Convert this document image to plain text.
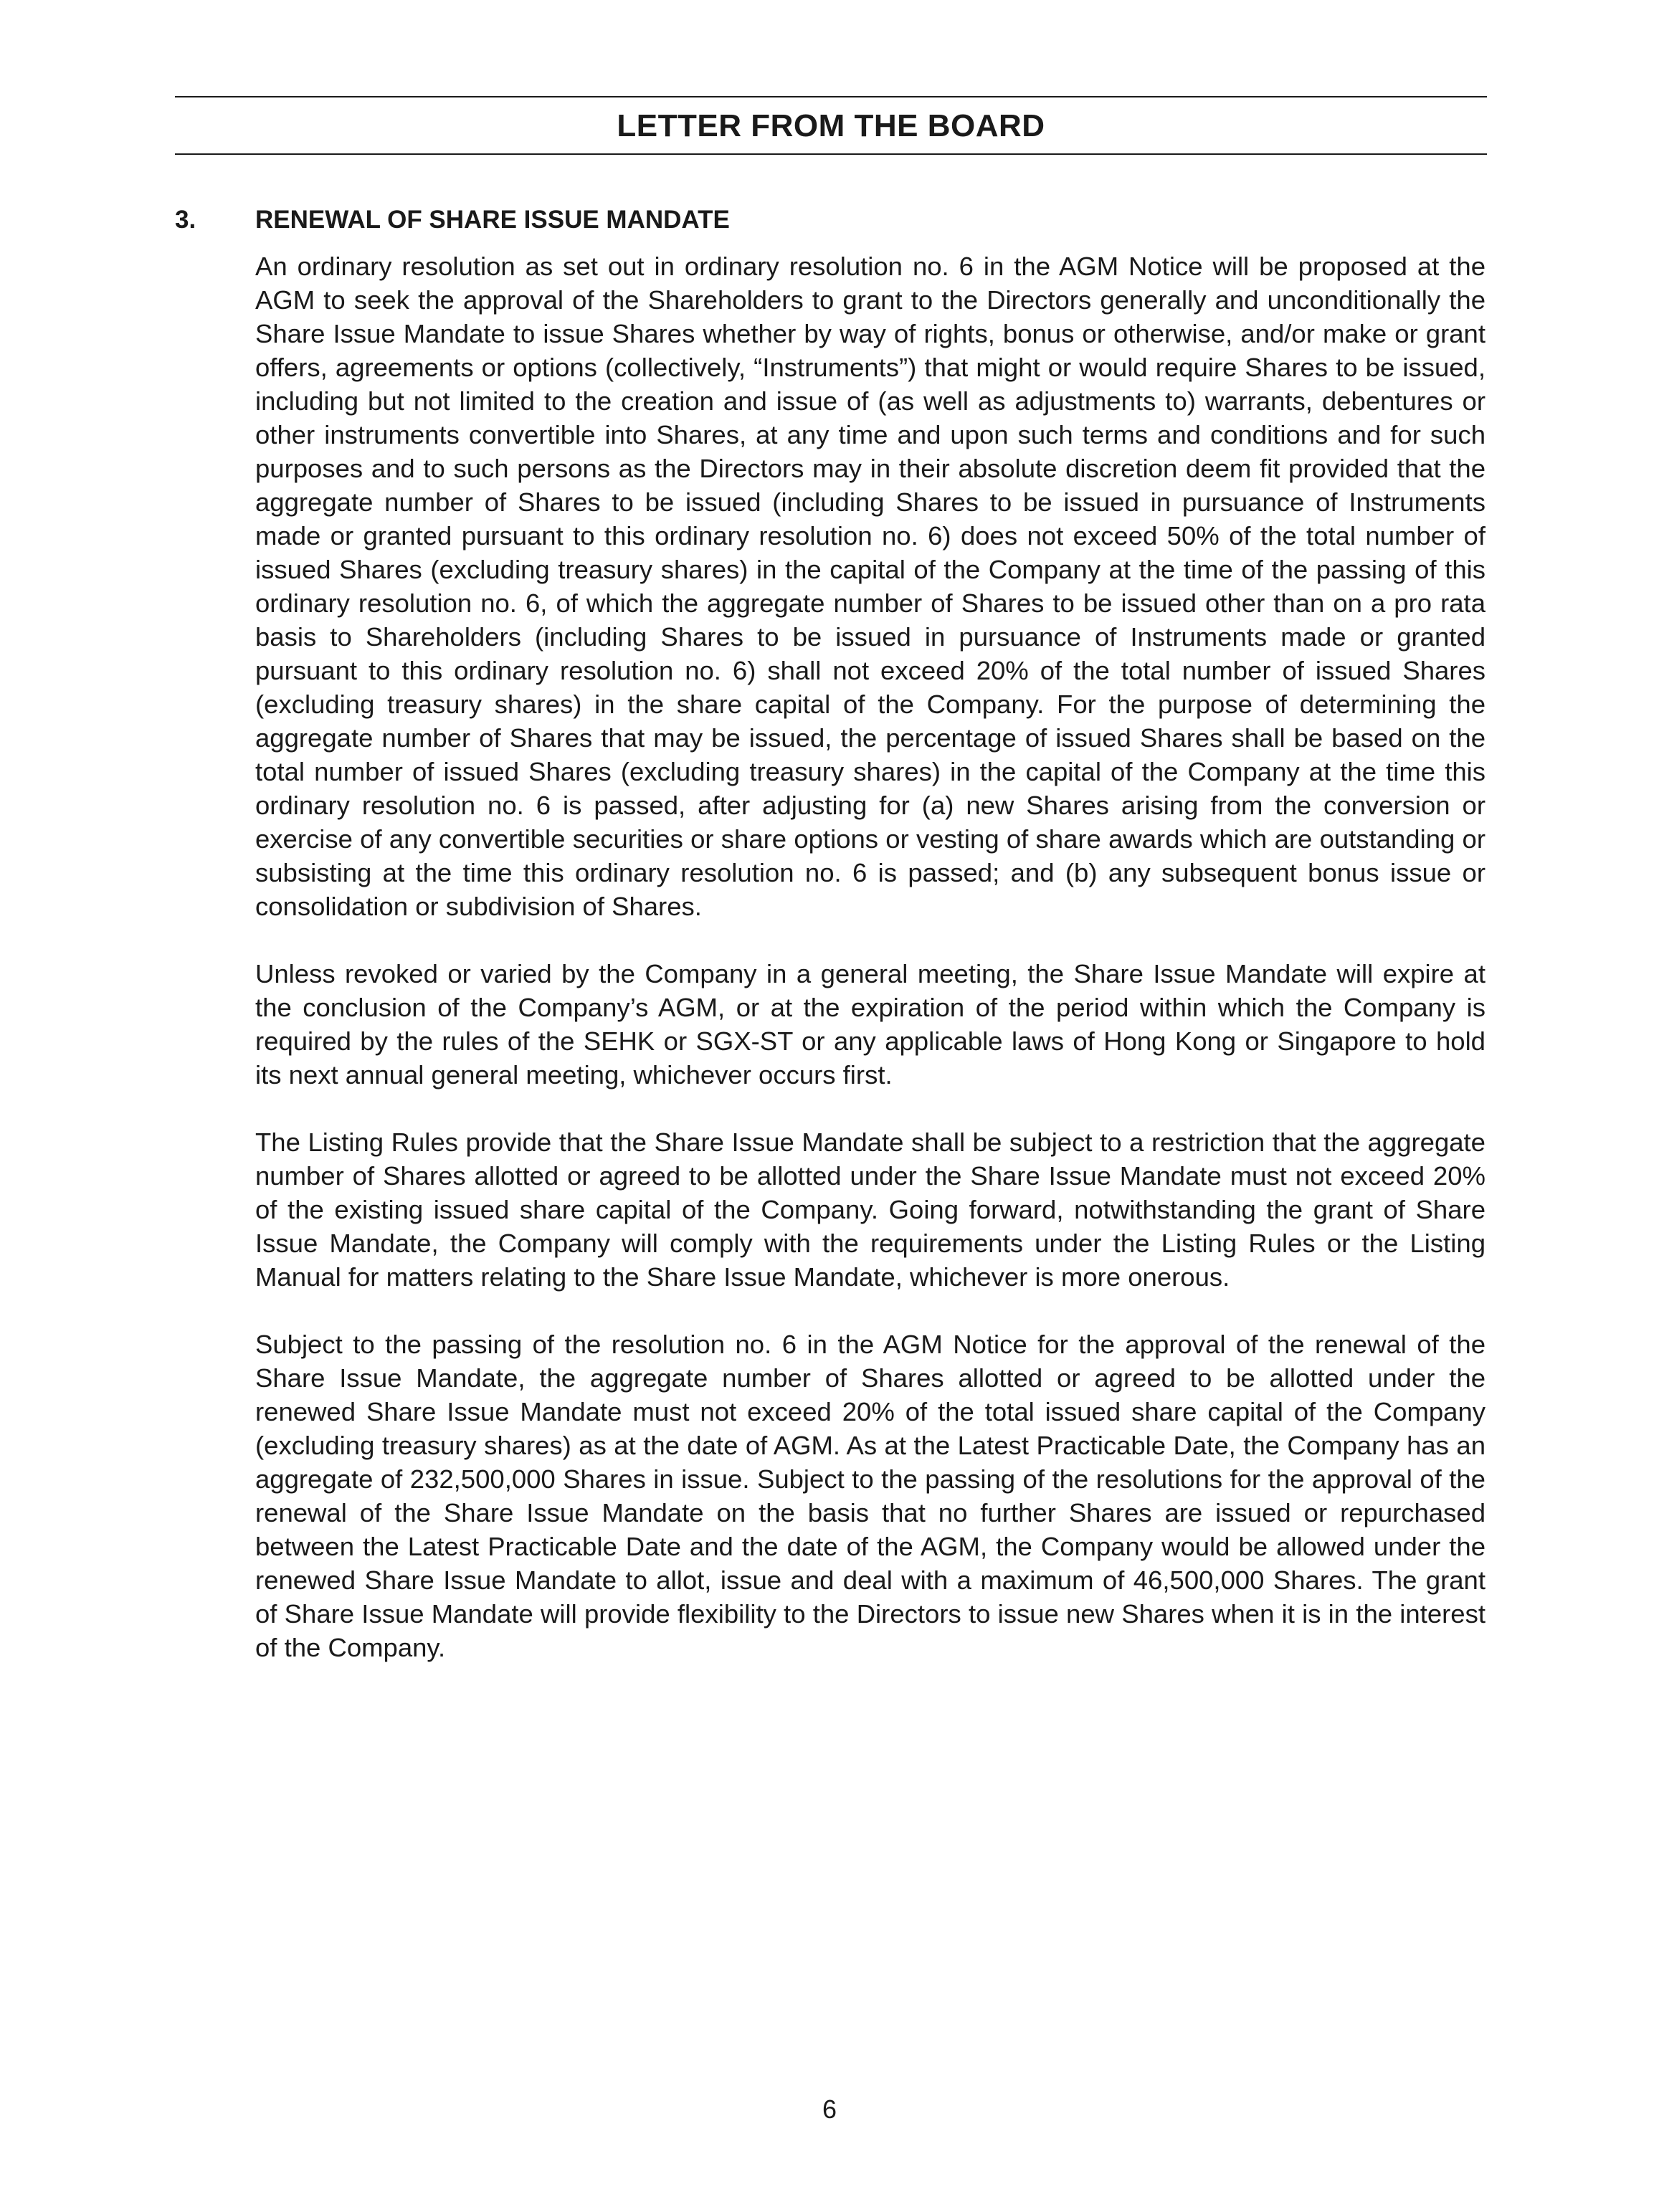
LETTER FROM THE BOARD
3. RENEWAL OF SHARE ISSUE MANDATE

An ordinary resolution as set out in ordinary resolution no. 6 in the AGM Notice will be proposed at the AGM to seek the approval of the Shareholders to grant to the Directors generally and unconditionally the Share Issue Mandate to issue Shares whether by way of rights, bonus or otherwise, and/or make or grant offers, agreements or options (collectively, “Instruments”) that might or would require Shares to be issued, including but not limited to the creation and issue of (as well as adjustments to) warrants, debentures or other instruments convertible into Shares, at any time and upon such terms and conditions and for such purposes and to such persons as the Directors may in their absolute discretion deem fit provided that the aggregate number of Shares to be issued (including Shares to be issued in pursuance of Instruments made or granted pursuant to this ordinary resolution no. 6) does not exceed 50% of the total number of issued Shares (excluding treasury shares) in the capital of the Company at the time of the passing of this ordinary resolution no. 6, of which the aggregate number of Shares to be issued other than on a pro rata basis to Shareholders (including Shares to be issued in pursuance of Instruments made or granted pursuant to this ordinary resolution no. 6) shall not exceed 20% of the total number of issued Shares (excluding treasury shares) in the share capital of the Company. For the purpose of determining the aggregate number of Shares that may be issued, the percentage of issued Shares shall be based on the total number of issued Shares (excluding treasury shares) in the capital of the Company at the time this ordinary resolution no. 6 is passed, after adjusting for (a) new Shares arising from the conversion or exercise of any convertible securities or share options or vesting of share awards which are outstanding or subsisting at the time this ordinary resolution no. 6 is passed; and (b) any subsequent bonus issue or consolidation or subdivision of Shares.

Unless revoked or varied by the Company in a general meeting, the Share Issue Mandate will expire at the conclusion of the Company’s AGM, or at the expiration of the period within which the Company is required by the rules of the SEHK or SGX-ST or any applicable laws of Hong Kong or Singapore to hold its next annual general meeting, whichever occurs first.

The Listing Rules provide that the Share Issue Mandate shall be subject to a restriction that the aggregate number of Shares allotted or agreed to be allotted under the Share Issue Mandate must not exceed 20% of the existing issued share capital of the Company. Going forward, notwithstanding the grant of Share Issue Mandate, the Company will comply with the requirements under the Listing Rules or the Listing Manual for matters relating to the Share Issue Mandate, whichever is more onerous.

Subject to the passing of the resolution no. 6 in the AGM Notice for the approval of the renewal of the Share Issue Mandate, the aggregate number of Shares allotted or agreed to be allotted under the renewed Share Issue Mandate must not exceed 20% of the total issued share capital of the Company (excluding treasury shares) as at the date of AGM. As at the Latest Practicable Date, the Company has an aggregate of 232,500,000 Shares in issue. Subject to the passing of the resolutions for the approval of the renewal of the Share Issue Mandate on the basis that no further Shares are issued or repurchased between the Latest Practicable Date and the date of the AGM, the Company would be allowed under the renewed Share Issue Mandate to allot, issue and deal with a maximum of 46,500,000 Shares. The grant of Share Issue Mandate will provide flexibility to the Directors to issue new Shares when it is in the interest of the Company.

6
